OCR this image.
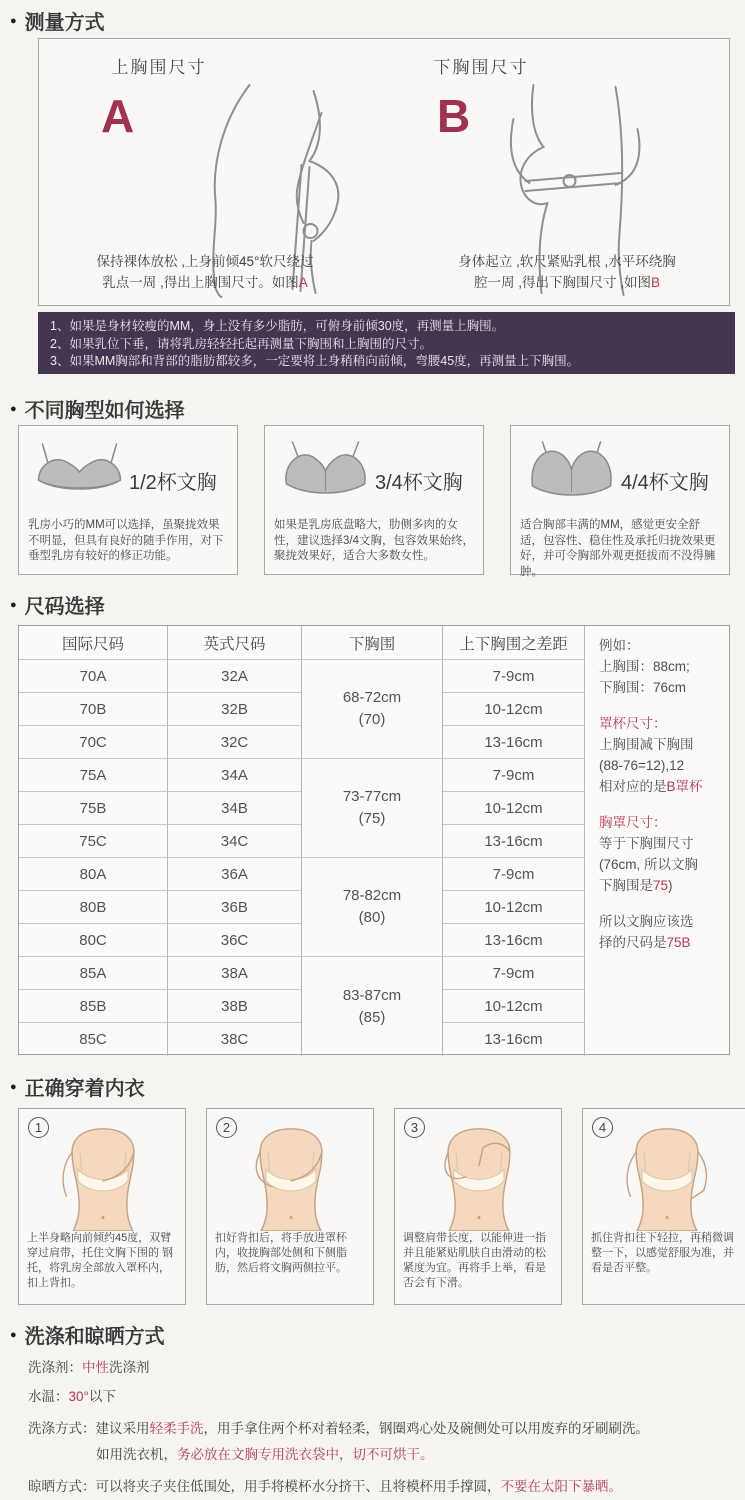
● 测量方式
上胸围尺寸	下胸围尺寸
A	B
保持裸体放松 ,上身前倾45°软尺绕过
乳点一周 ,得出上胸围尺寸。如图A
身体起立 ,软尺紧贴乳根 ,水平环绕胸
腔一周 ,得出下胸围尺寸 ,如图B
1、如果是身材较瘦的MM，身上没有多少脂肪，可俯身前倾30度，再测量上胸围。
2、如果乳位下垂，请将乳房轻轻托起再测量下胸围和上胸围的尺寸。
3、如果MM胸部和背部的脂肪都较多，一定要将上身稍稍向前倾，弯腰45度，再测量上下胸围。
● 不同胸型如何选择
1/2杯文胸
乳房小巧的MM可以选择，虽聚拢效果不明显，但具有良好的随手作用，对下垂型乳房有较好的修正功能。
3/4杯文胸
如果是乳房底盘略大，肋侧多肉的女性，建议选择3/4文胸，包容效果始终，聚拢效果好，适合大多数女性。
4/4杯文胸
适合胸部丰满的MM，感觉更安全舒适，包容性、稳住性及承托归拢效果更好，并可令胸部外观更挺拔而不没得臃肿。
● 尺码选择
例如：
上胸围：88cm;
下胸围：76cm
罩杯尺寸：
上胸围减下胸围
(88-76=12),12
相对应的是B罩杯
胸罩尺寸：
等于下胸围尺寸
(76cm, 所以文胸
下胸围是75)
所以文胸应该选
择的尺码是75B
国际尺码	英式尺码	下胸围	上下胸围之差距
68-72cm
(70)
70A	32A	7-9cm
70B	32B	10-12cm
70C	32C	13-16cm
73-77cm
(75)
75A	34A	7-9cm
75B	34B	10-12cm
75C	34C	13-16cm
78-82cm
(80)
80A	36A	7-9cm
80B	36B	10-12cm
80C	36C	13-16cm
83-87cm
(85)
85A	38A	7-9cm
85B	38B	10-12cm
85C	38C	13-16cm
● 正确穿着内衣
1
上半身略向前倾约45度，双臂穿过肩带，托住文胸下围的 钢托，将乳房全部放入罩杯内，扣上背扣。
2
扣好背扣后，将手放进罩杯内，收拢胸部处侧和下侧脂肪，然后将文胸两侧拉平。
3
调整肩带长度，以能伸进一指并且能紧贴肌肤自由滑动的松紧度为宜。再将手上举，看是否会有下滑。
4
抓住背扣往下轻拉，再稍微调整一下，以感觉舒服为准，并看是否平整。
● 洗涤和晾晒方式
洗涤剂：中性洗涤剂
水温：30°以下
洗涤方式：建议采用轻柔手洗，用手拿住两个杯对着轻柔，钢圈鸡心处及碗侧处可以用废弃的牙刷刷洗。
如用洗衣机，务必放在文胸专用洗衣袋中，切不可烘干。
晾晒方式：可以将夹子夹住低围处，用手将模杯水分挤干、且将模杯用手撑圆，不要在太阳下暴晒。
